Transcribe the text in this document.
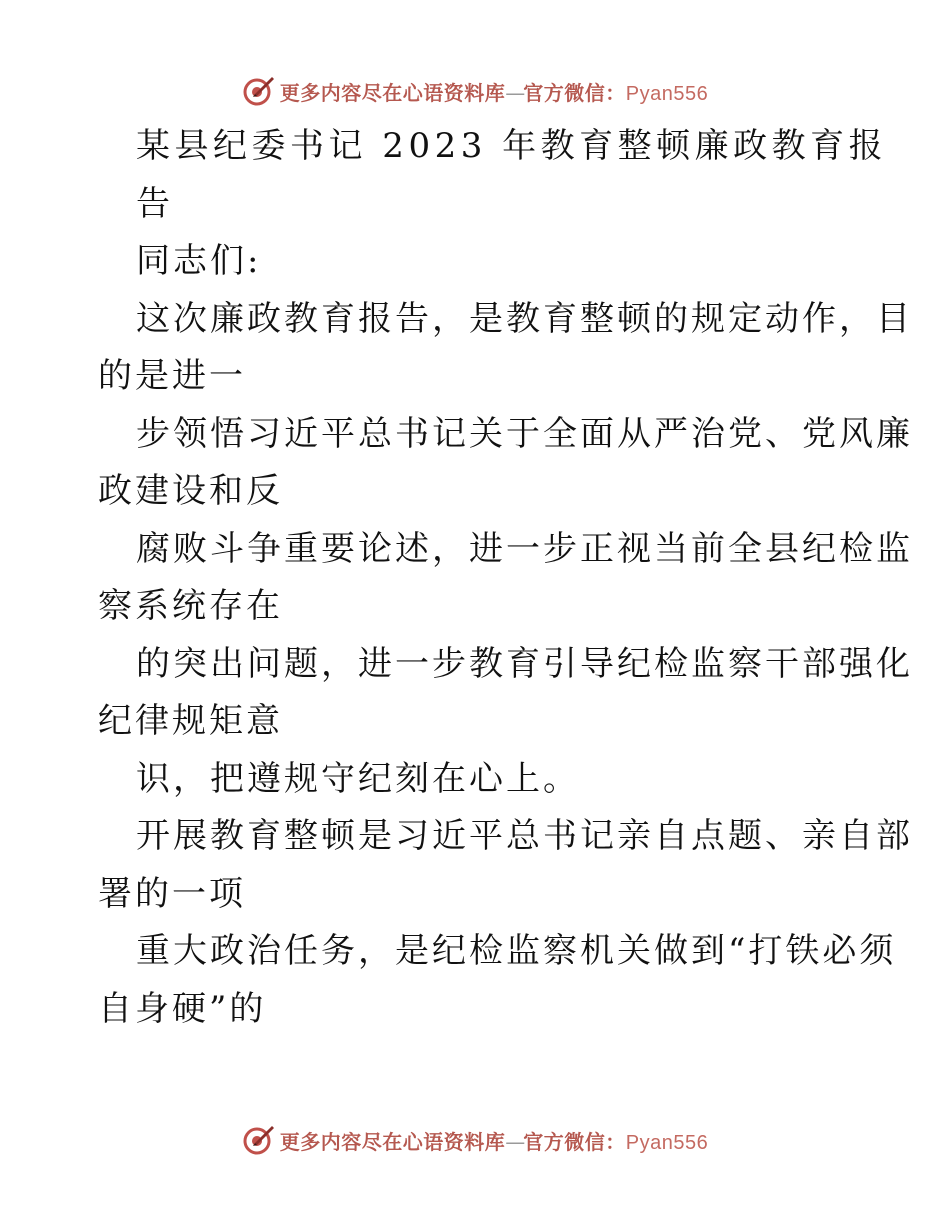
更多内容尽在心语资料库—官方微信：Pyan556
某县纪委书记 2023 年教育整顿廉政教育报
告
同志们:
这次廉政教育报告，是教育整顿的规定动作，目
的是进一
步领悟习近平总书记关于全面从严治党、党风廉
政建设和反
腐败斗争重要论述，进一步正视当前全县纪检监
察系统存在
的突出问题，进一步教育引导纪检监察干部强化
纪律规矩意
识，把遵规守纪刻在心上。
开展教育整顿是习近平总书记亲自点题、亲自部
署的一项
重大政治任务，是纪检监察机关做到“打铁必须
自身硬”的
更多内容尽在心语资料库—官方微信：Pyan556
